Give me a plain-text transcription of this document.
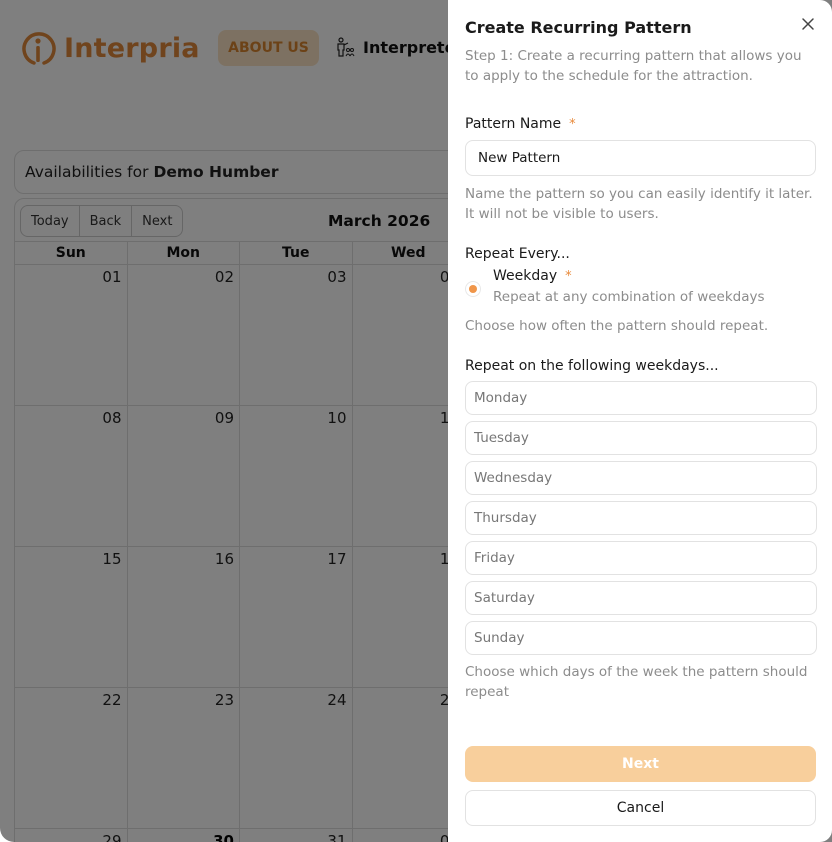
Create Recurring Pattern
Step 1: Create a recurring pattern that allows you to apply to the schedule for the attraction.
Pattern Name *
New Pattern
Name the pattern so you can easily identify it later. It will not be visible to users.
Repeat Every...
Weekday *
Repeat at any combination of weekdays
Choose how often the pattern should repeat.
Repeat on the following weekdays...
Monday
Tuesday
Wednesday
Thursday
Friday
Saturday
Sunday
Choose which days of the week the pattern should repeat
Next
Cancel
